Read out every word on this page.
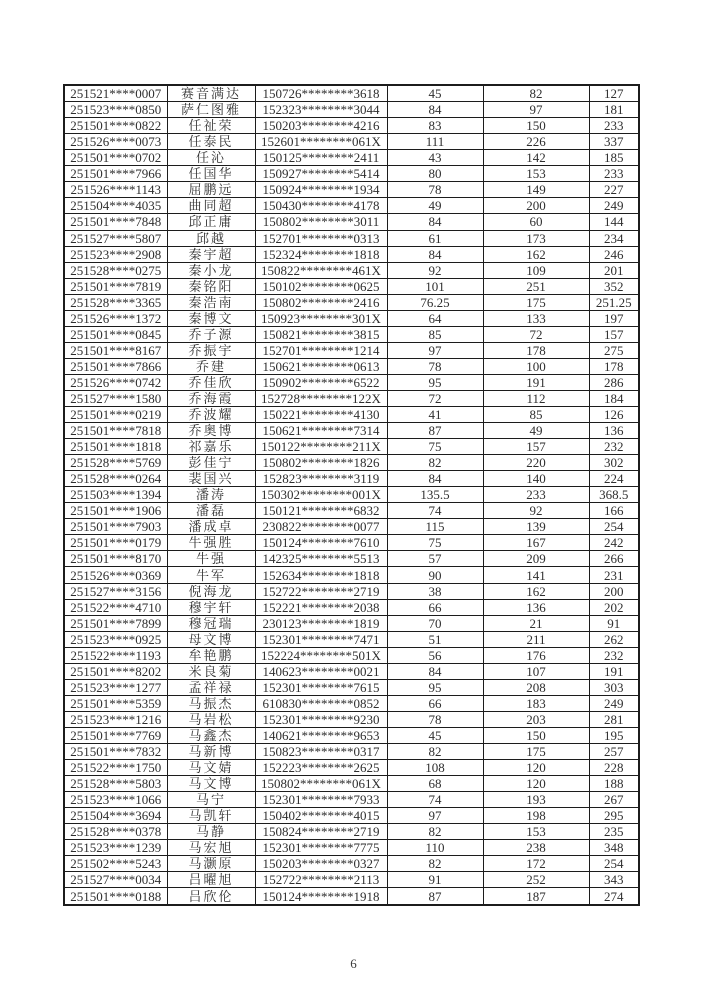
251521****0007	赛音满达	150726********3618	45	82	127
251523****0850	萨仁图雅	152323********3044	84	97	181
251501****0822	任祉荣	150203********4216	83	150	233
251526****0073	任泰民	152601********061X	111	226	337
251501****0702	任沁	150125********2411	43	142	185
251501****7966	任国华	150927********5414	80	153	233
251526****1143	屈鹏远	150924********1934	78	149	227
251504****4035	曲同超	150430********4178	49	200	249
251501****7848	邱正庸	150802********3011	84	60	144
251527****5807	邱越	152701********0313	61	173	234
251523****2908	秦宇超	152324********1818	84	162	246
251528****0275	秦小龙	150822********461X	92	109	201
251501****7819	秦铭阳	150102********0625	101	251	352
251528****3365	秦浩南	150802********2416	76.25	175	251.25
251526****1372	秦博文	150923********301X	64	133	197
251501****0845	乔子源	150821********3815	85	72	157
251501****8167	乔振宇	152701********1214	97	178	275
251501****7866	乔建	150621********0613	78	100	178
251526****0742	乔佳欣	150902********6522	95	191	286
251527****1580	乔海霞	152728********122X	72	112	184
251501****0219	乔波耀	150221********4130	41	85	126
251501****7818	乔奥博	150621********7314	87	49	136
251501****1818	祁嘉乐	150122********211X	75	157	232
251528****5769	彭佳宁	150802********1826	82	220	302
251528****0264	裴国兴	152823********3119	84	140	224
251503****1394	潘涛	150302********001X	135.5	233	368.5
251501****1906	潘磊	150121********6832	74	92	166
251501****7903	潘成卓	230822********0077	115	139	254
251501****0179	牛强胜	150124********7610	75	167	242
251501****8170	牛强	142325********5513	57	209	266
251526****0369	牛军	152634********1818	90	141	231
251527****3156	倪海龙	152722********2719	38	162	200
251522****4710	穆宇轩	152221********2038	66	136	202
251501****7899	穆冠瑞	230123********1819	70	21	91
251523****0925	母文博	152301********7471	51	211	262
251522****1193	牟艳鹏	152224********501X	56	176	232
251501****8202	米良菊	140623********0021	84	107	191
251523****1277	孟祥禄	152301********7615	95	208	303
251501****5359	马振杰	610830********0852	66	183	249
251523****1216	马岩松	152301********9230	78	203	281
251501****7769	马鑫杰	140621********9653	45	150	195
251501****7832	马新博	150823********0317	82	175	257
251522****1750	马文婧	152223********2625	108	120	228
251528****5803	马文博	150802********061X	68	120	188
251523****1066	马宁	152301********7933	74	193	267
251504****3694	马凯轩	150402********4015	97	198	295
251528****0378	马静	150824********2719	82	153	235
251523****1239	马宏旭	152301********7775	110	238	348
251502****5243	马灏原	150203********0327	82	172	254
251527****0034	吕曜旭	152722********2113	91	252	343
251501****0188	吕欣伦	150124********1918	87	187	274
6
